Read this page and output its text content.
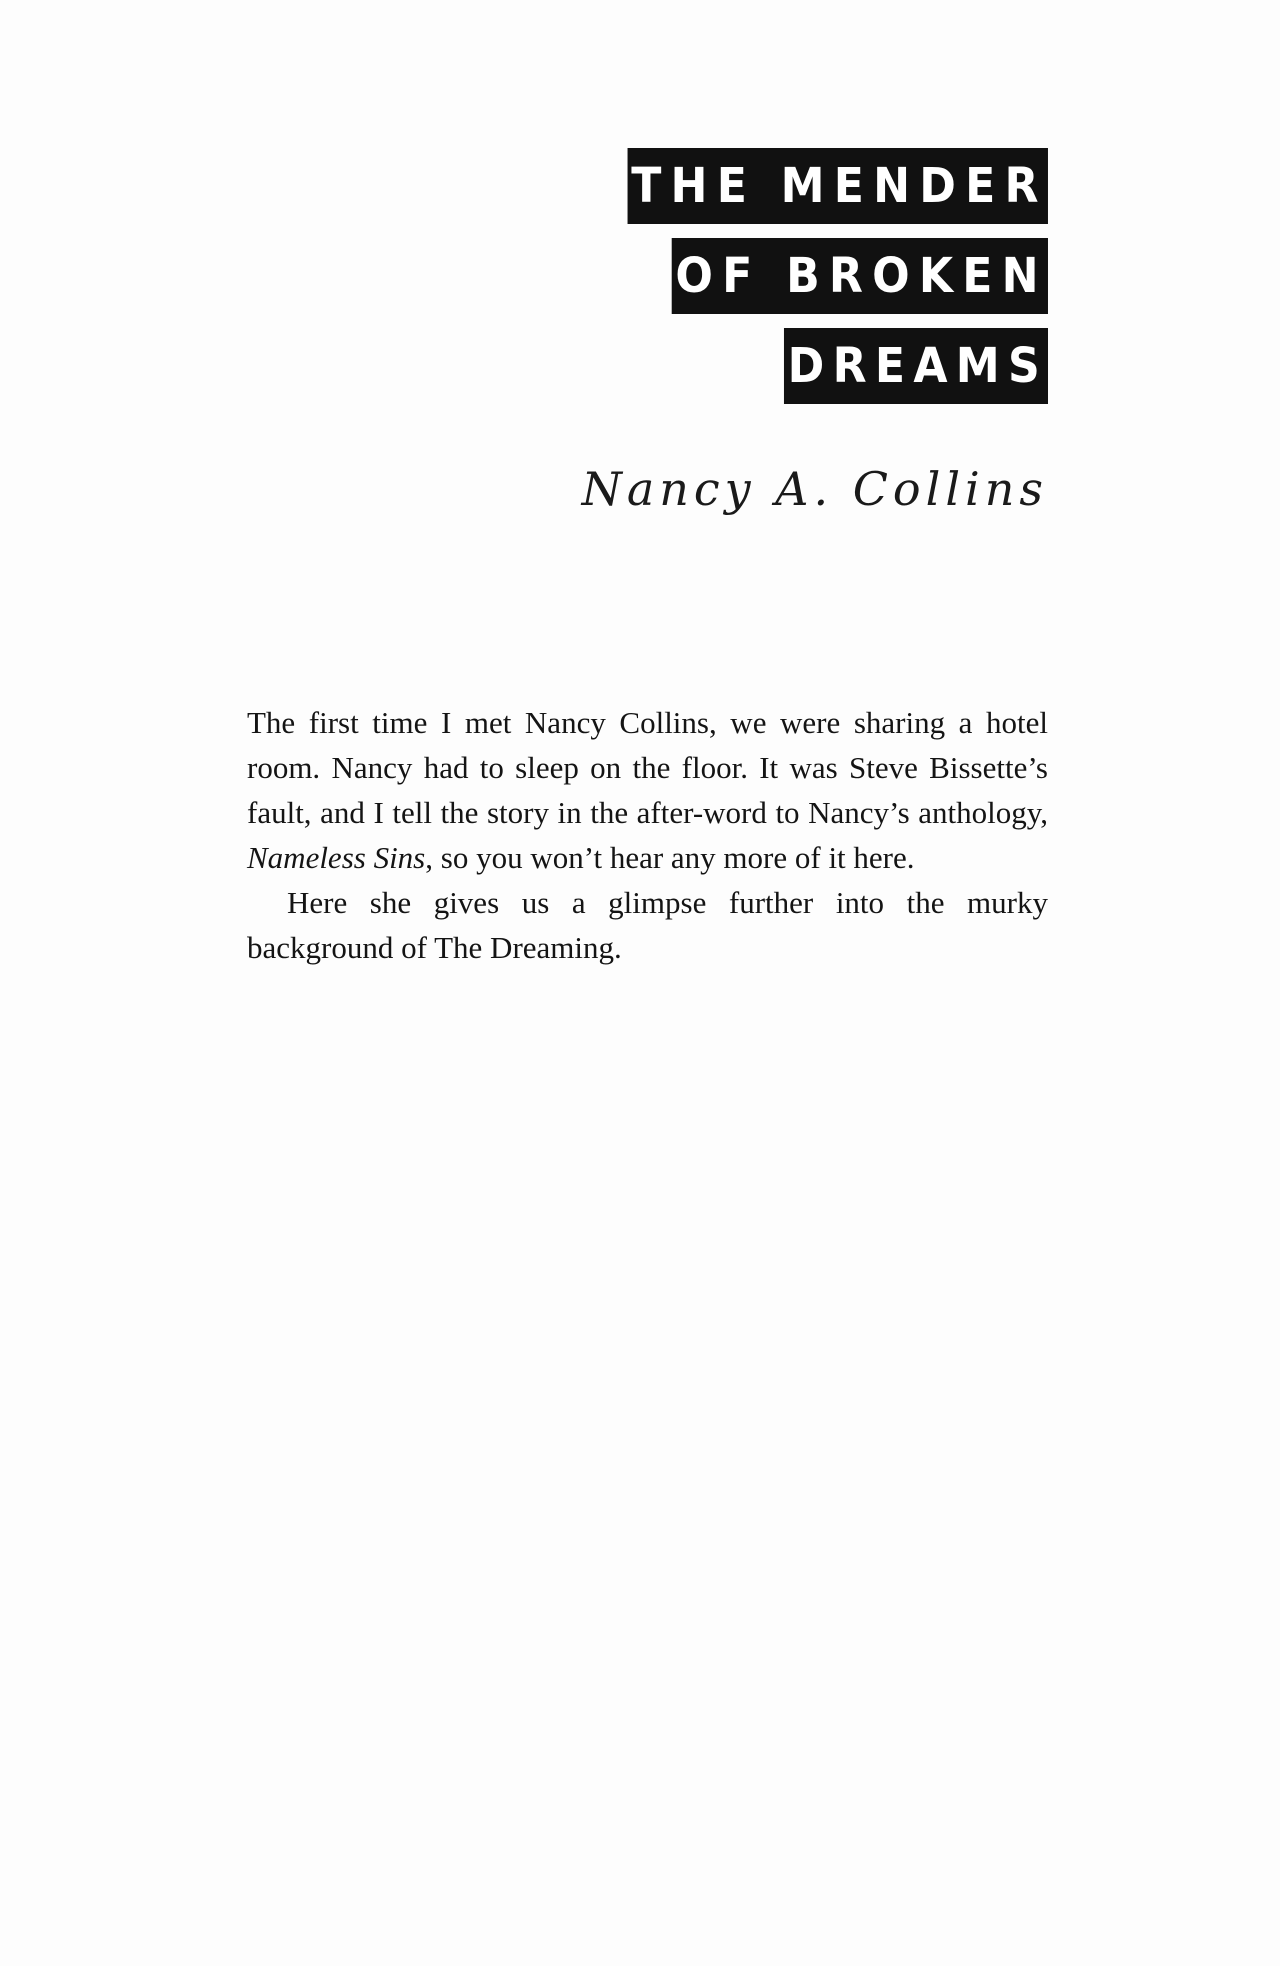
THE MENDER
OF BROKEN
DREAMS
Nancy A. Collins

The first time I met Nancy Collins, we were sharing a hotel room. Nancy had to sleep on the floor. It was Steve Bissette’s fault, and I tell the story in the after-word to Nancy’s anthology, Nameless Sins, so you won’t hear any more of it here.

Here she gives us a glimpse further into the murky background of The Dreaming.
